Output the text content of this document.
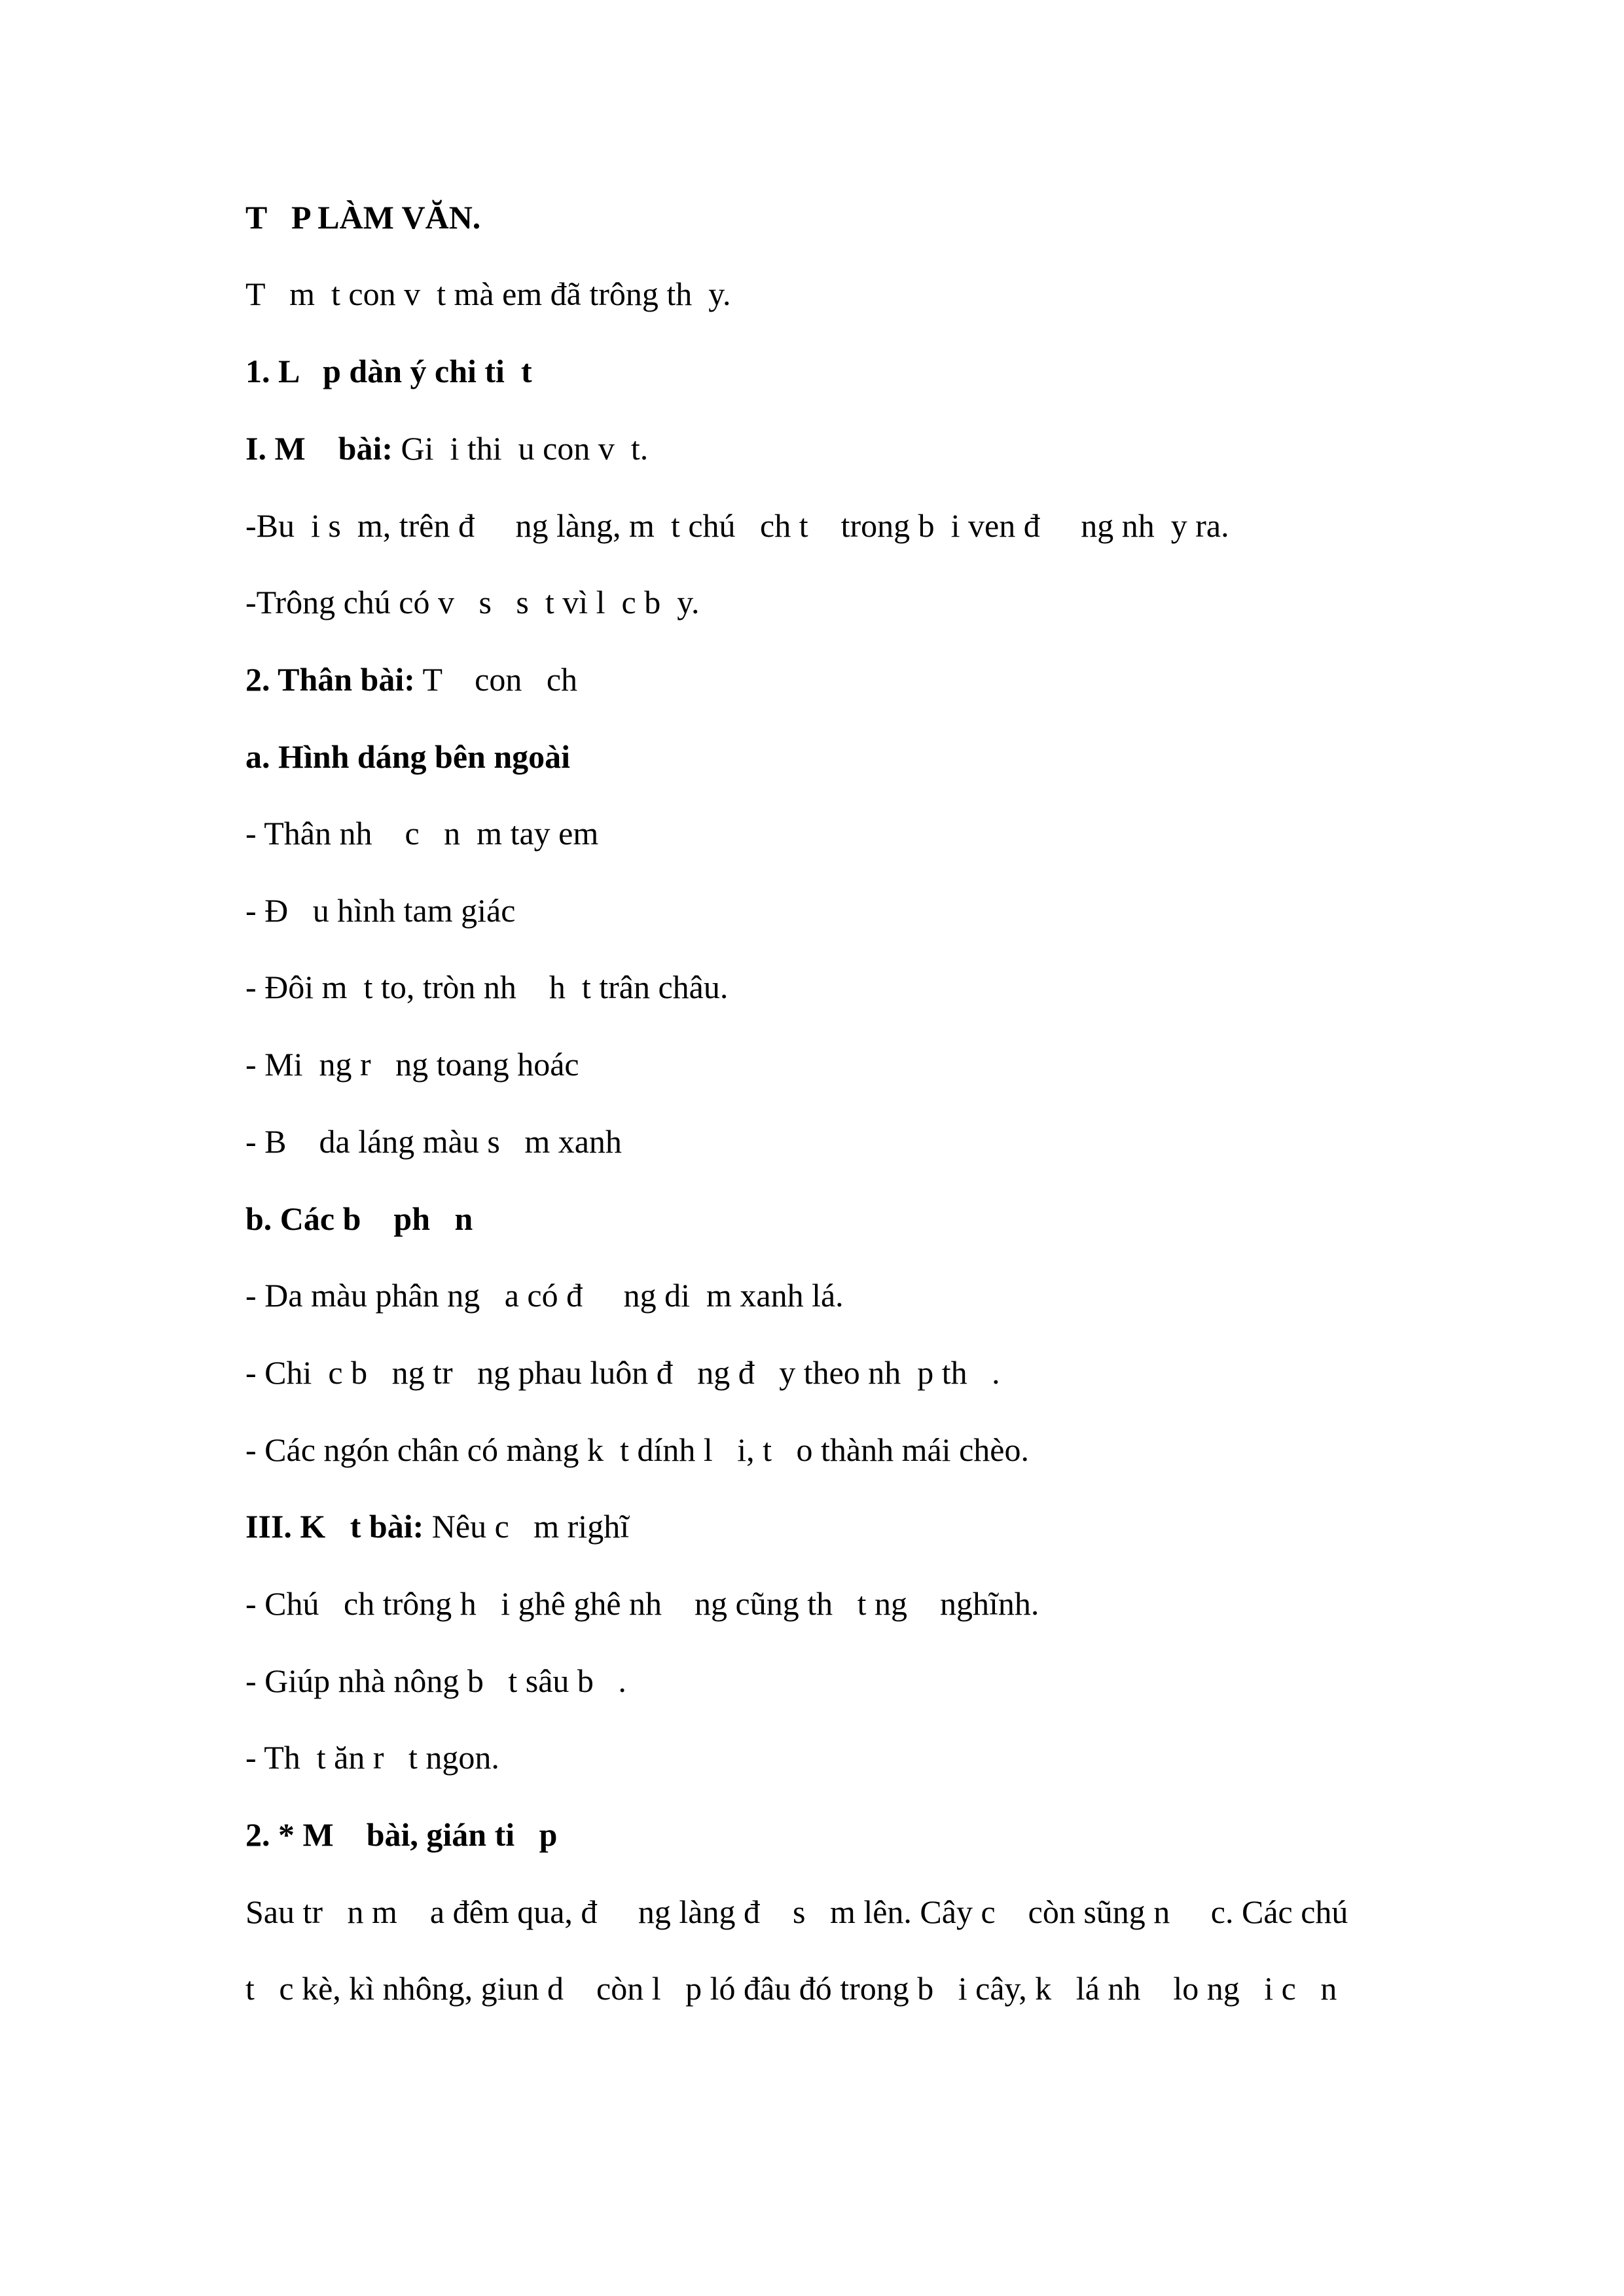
T   P LÀM VĂN.

T   m  t con v  t mà em đã trông th  y.

1. L   p dàn ý chi ti  t

I. M    bài: Gi  i thi  u con v  t.

-Bu  i s  m, trên đ     ng làng, m  t chú   ch t    trong b  i ven đ     ng nh  y ra.

-Trông chú có v   s   s  t vì l  c b  y.

2. Thân bài: T    con   ch

a. Hình dáng bên ngoài

- Thân nh    c   n  m tay em

- Đ   u hình tam giác

- Đôi m  t to, tròn nh    h  t trân châu.

- Mi  ng r   ng toang hoác

- B    da láng màu s   m xanh

b. Các b    ph   n

- Da màu phân ng   a có đ     ng di  m xanh lá.

- Chi  c b   ng tr   ng phau luôn đ   ng đ   y theo nh  p th   .

- Các ngón chân có màng k  t dính l   i, t   o thành mái chèo.

III. K   t bài: Nêu c   m righĩ

- Chú   ch trông h   i ghê ghê nh    ng cũng th   t ng    nghĩnh.

- Giúp nhà nông b   t sâu b   .

- Th  t ăn r   t ngon.

2. * M    bài, gián ti   p

Sau tr   n m    a đêm qua, đ     ng làng đ    s   m lên. Cây c    còn sũng n     c. Các chú

t   c kè, kì nhông, giun d    còn l   p ló đâu đó trong b   i cây, k   lá nh    lo ng   i c   n
